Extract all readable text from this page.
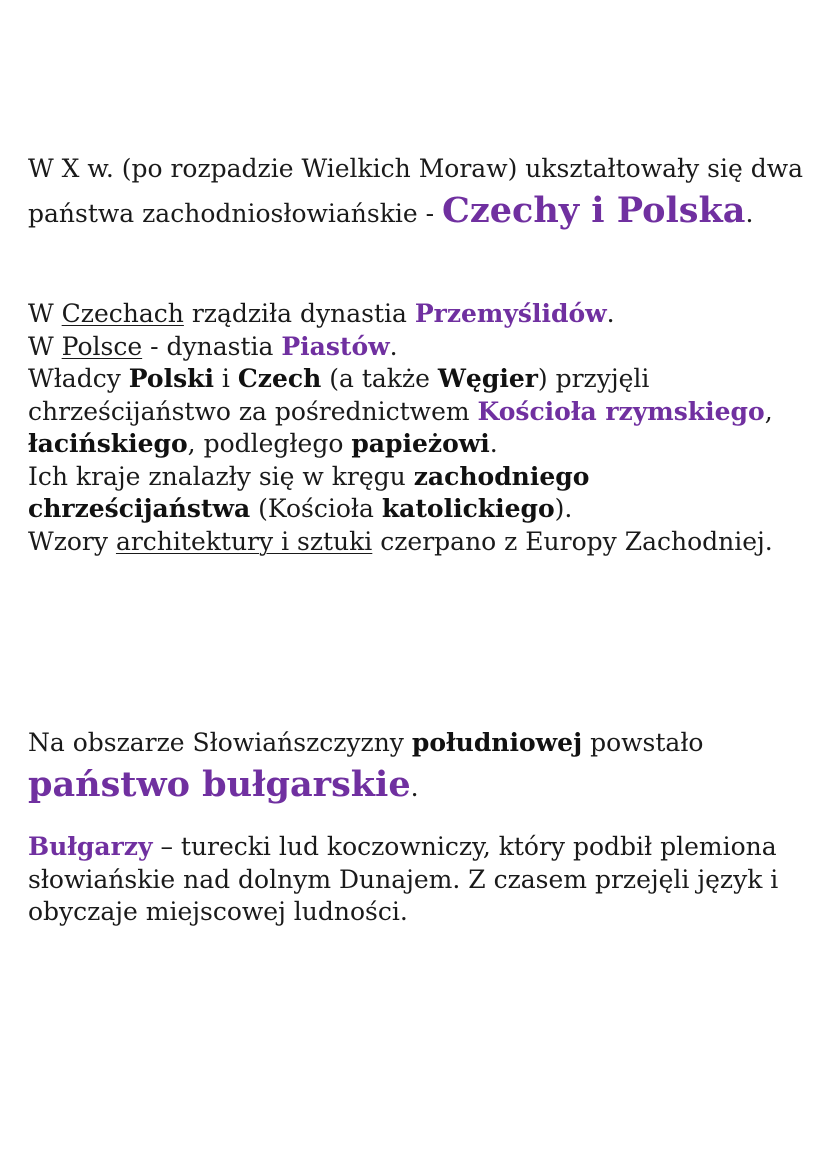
W X w. (po rozpadzie Wielkich Moraw) ukształtowały się dwa państwa zachodniosłowiańskie - Czechy i Polska.

W Czechach rządziła dynastia Przemyślidów.
W Polsce - dynastia Piastów.
Władcy Polski i Czech (a także Węgier) przyjęli chrześcijaństwo za pośrednictwem Kościoła rzymskiego, łacińskiego, podległego papieżowi.
Ich kraje znalazły się w kręgu zachodniego chrześcijaństwa (Kościoła katolickiego).
Wzory architektury i sztuki czerpano z Europy Zachodniej.

Na obszarze Słowiańszczyzny południowej powstało
państwo bułgarskie.

Bułgarzy – turecki lud koczowniczy, który podbił plemiona słowiańskie nad dolnym Dunajem. Z czasem przejęli język i obyczaje miejscowej ludności.
